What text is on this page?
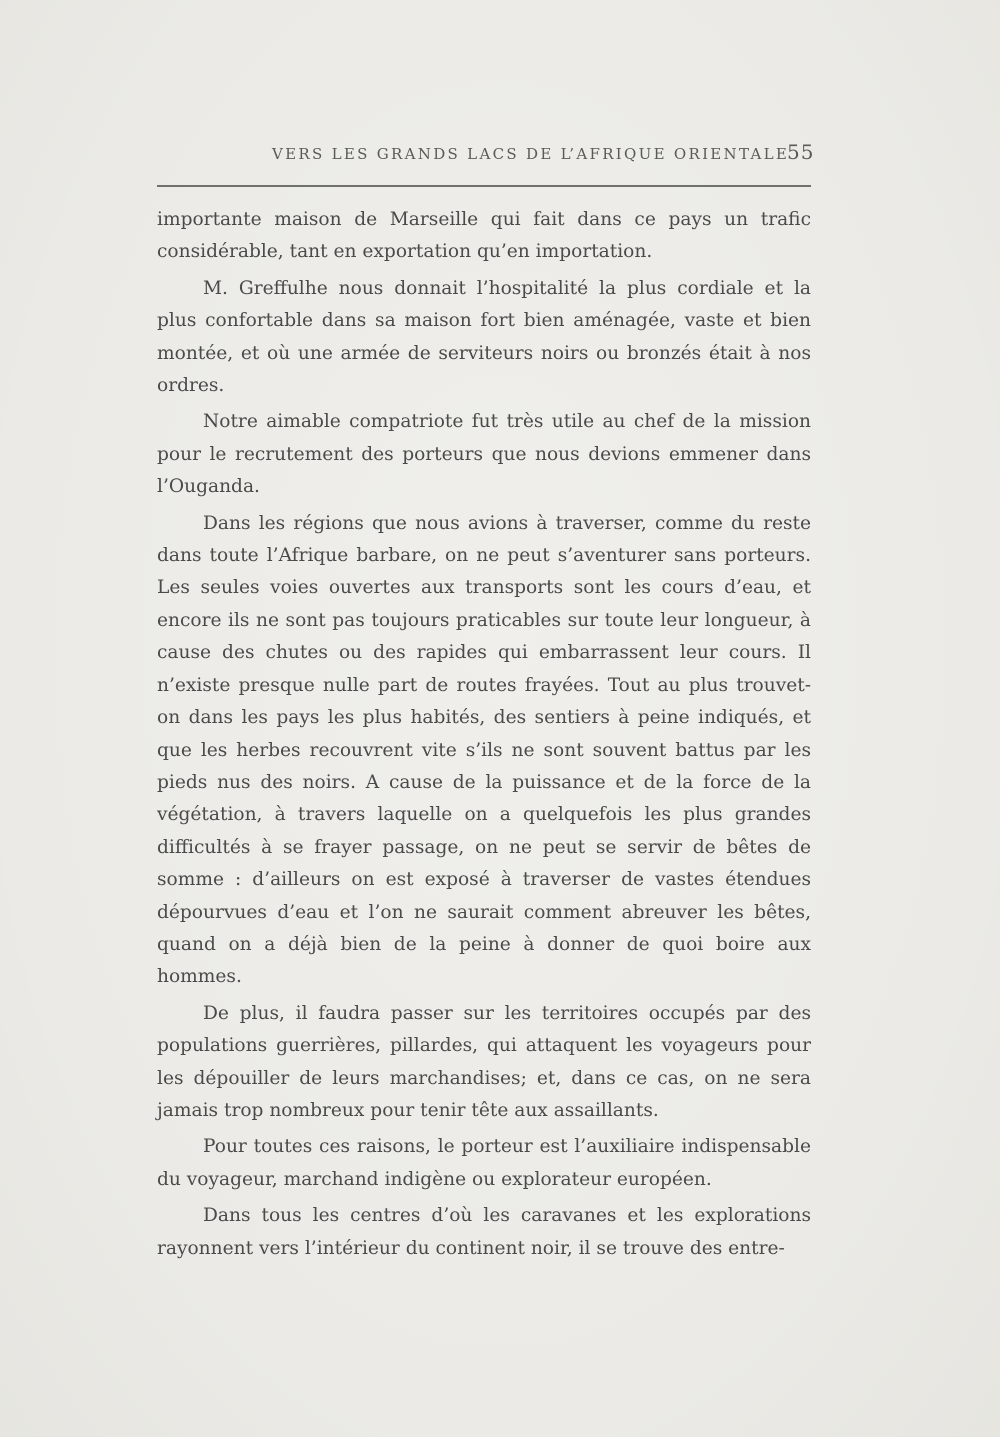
VERS LES GRANDS LACS DE L’AFRIQUE ORIENTALE
55

importante maison de Marseille qui fait dans ce pays un trafic considérable, tant en exportation qu’en importation.

M. Greffulhe nous donnait l’hospitalité la plus cordiale et la plus confortable dans sa maison fort bien aménagée, vaste et bien montée, et où une armée de serviteurs noirs ou bronzés était à nos ordres.

Notre aimable compatriote fut très utile au chef de la mission pour le recrutement des porteurs que nous devions emmener dans l’Ouganda.

Dans les régions que nous avions à traverser, comme du reste dans toute l’Afrique barbare, on ne peut s’aventurer sans porteurs. Les seules voies ouvertes aux transports sont les cours d’eau, et encore ils ne sont pas toujours praticables sur toute leur longueur, à cause des chutes ou des rapides qui embarrassent leur cours. Il n’existe presque nulle part de routes frayées. Tout au plus trouvet-on dans les pays les plus habités, des sentiers à peine indiqués, et que les herbes recouvrent vite s’ils ne sont souvent battus par les pieds nus des noirs. A cause de la puissance et de la force de la végétation, à travers laquelle on a quelquefois les plus grandes difficultés à se frayer passage, on ne peut se servir de bêtes de somme : d’ailleurs on est exposé à traverser de vastes étendues dépourvues d’eau et l’on ne saurait comment abreuver les bêtes, quand on a déjà bien de la peine à donner de quoi boire aux hommes.

De plus, il faudra passer sur les territoires occupés par des populations guerrières, pillardes, qui attaquent les voyageurs pour les dépouiller de leurs marchandises; et, dans ce cas, on ne sera jamais trop nombreux pour tenir tête aux assaillants.

Pour toutes ces raisons, le porteur est l’auxiliaire indispensable du voyageur, marchand indigène ou explorateur européen.

Dans tous les centres d’où les caravanes et les explorations rayonnent vers l’intérieur du continent noir, il se trouve des entre-
